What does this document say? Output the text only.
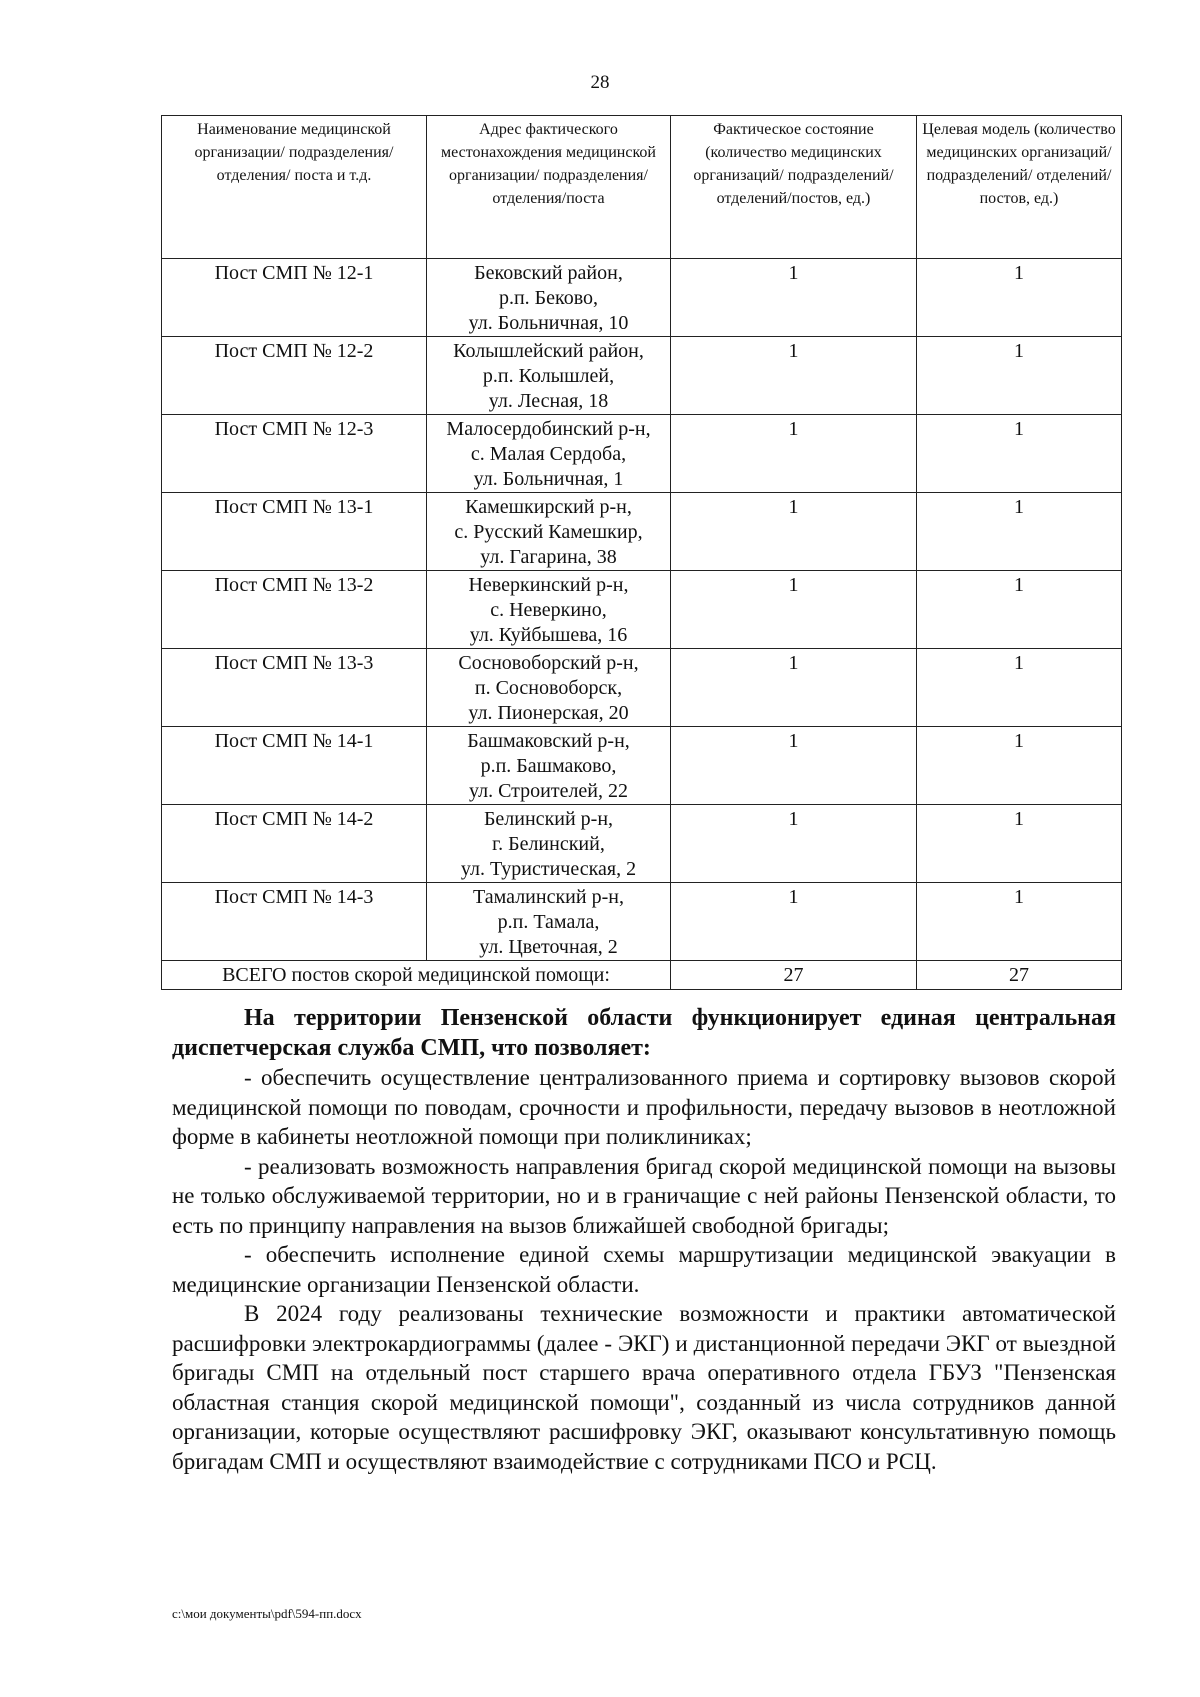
28
Наименование медицинской организации/ подразделения/отделения/ поста и т.д.	Адрес фактического местонахождения медицинской организации/ подразделения/ отделения/поста	Фактическое состояние (количество медицинских организаций/ подразделений/ отделений/постов, ед.)	Целевая модель (количество медицинских организаций/ подразделений/ отделений/постов, ед.)
Пост СМП № 12-1	Бековский район,
р.п. Беково,
ул. Больничная, 10	1	1
Пост СМП № 12-2	Колышлейский район,
р.п. Колышлей,
ул. Лесная, 18	1	1
Пост СМП № 12-3	Малосердобинский р-н,
с. Малая Сердоба,
ул. Больничная, 1	1	1
Пост СМП № 13-1	Камешкирский р-н,
с. Русский Камешкир,
ул. Гагарина, 38	1	1
Пост СМП № 13-2	Неверкинский р-н,
с. Неверкино,
ул. Куйбышева, 16	1	1
Пост СМП № 13-3	Сосновоборский р-н,
п. Сосновоборск,
ул. Пионерская, 20	1	1
Пост СМП № 14-1	Башмаковский р-н,
р.п. Башмаково,
ул. Строителей, 22	1	1
Пост СМП № 14-2	Белинский р-н,
г. Белинский,
ул. Туристическая, 2	1	1
Пост СМП № 14-3	Тамалинский р-н,
р.п. Тамала,
ул. Цветочная, 2	1	1
ВСЕГО постов скорой медицинской помощи:		27	27

На территории Пензенской области функционирует единая центральная диспетчерская служба СМП, что позволяет:

- обеспечить осуществление централизованного приема и сортировку вызовов скорой медицинской помощи по поводам, срочности и профильности, передачу вызовов в неотложной форме в кабинеты неотложной помощи при поликлиниках;

- реализовать возможность направления бригад скорой медицинской помощи на вызовы не только обслуживаемой территории, но и в граничащие с ней районы Пензенской области, то есть по принципу направления на вызов ближайшей свободной бригады;

- обеспечить исполнение единой схемы маршрутизации медицинской эвакуации в медицинские организации Пензенской области.

В 2024 году реализованы технические возможности и практики автоматической расшифровки электрокардиограммы (далее - ЭКГ) и дистанционной передачи ЭКГ от выездной бригады СМП на отдельный пост старшего врача оперативного отдела ГБУЗ "Пензенская областная станция скорой медицинской помощи", созданный из числа сотрудников данной организации, которые осуществляют расшифровку ЭКГ, оказывают консультативную помощь бригадам СМП и осуществляют взаимодействие с сотрудниками ПСО и РСЦ.

c:\мои документы\pdf\594-пп.docx
